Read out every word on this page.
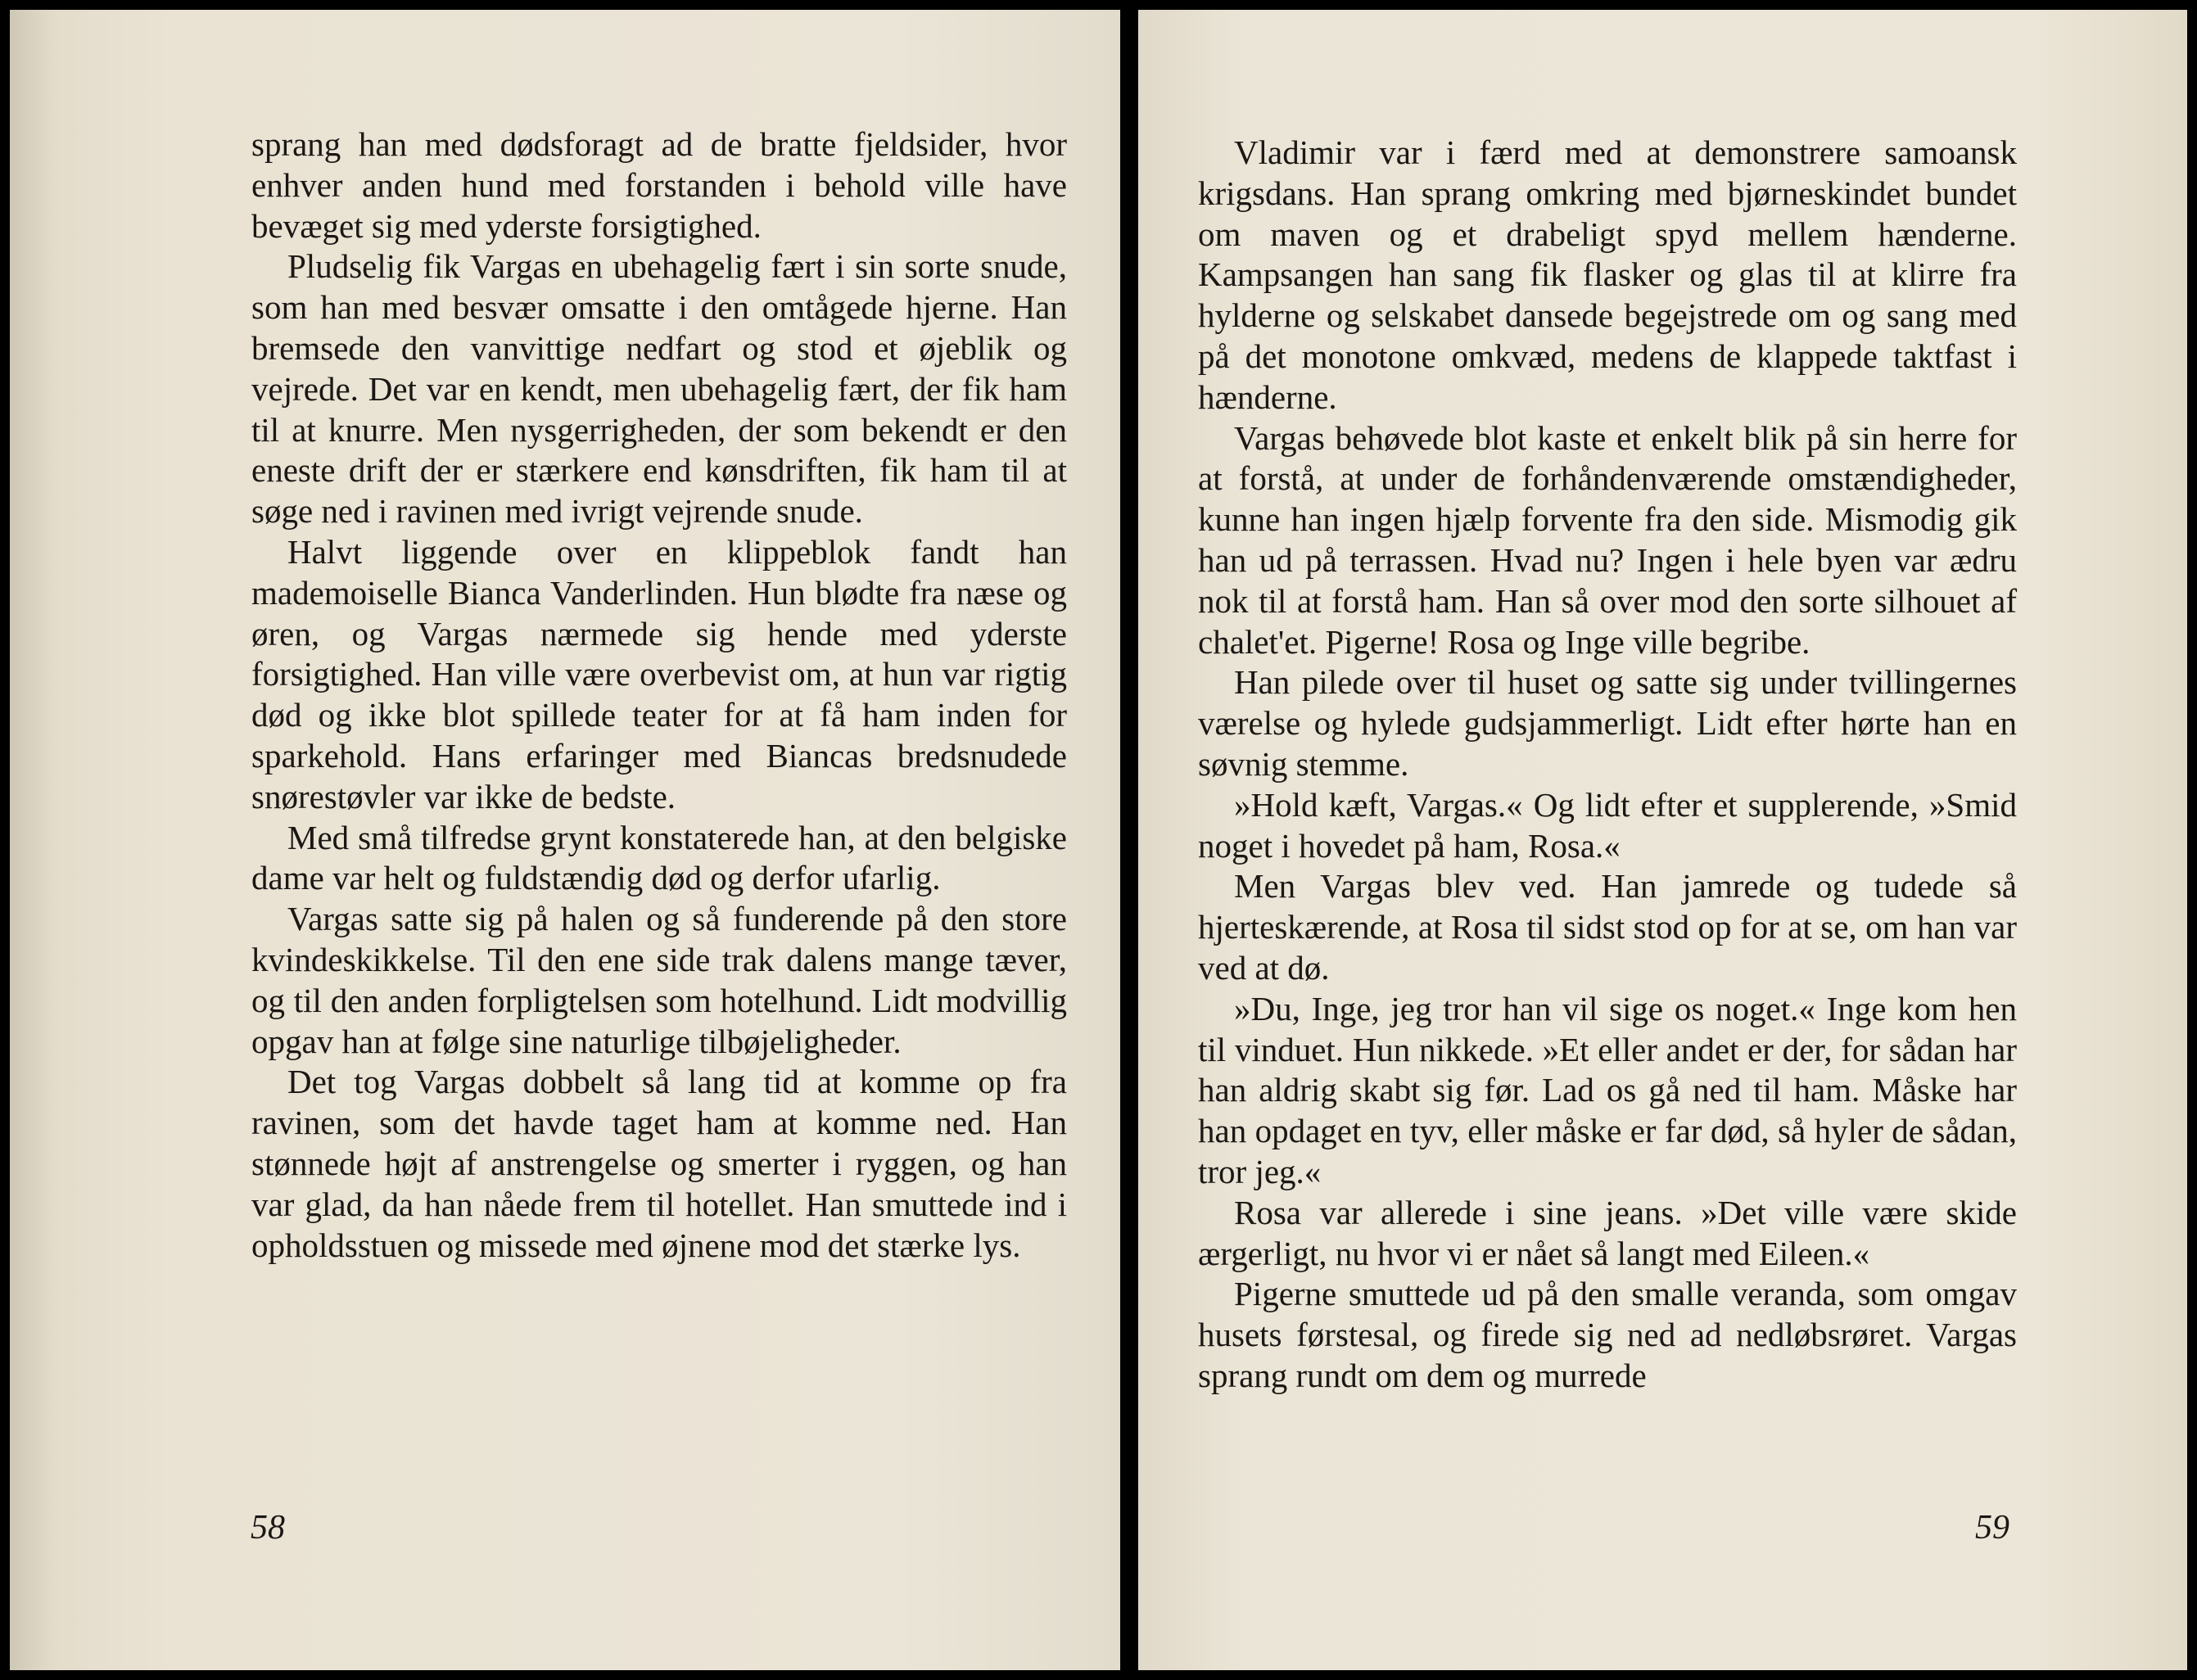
sprang han med dødsforagt ad de bratte fjeldsider, hvor enhver anden hund med forstanden i behold ville have bevæget sig med yderste forsigtighed.

Pludselig fik Vargas en ubehagelig fært i sin sorte snude, som han med besvær omsatte i den omtågede hjerne. Han bremsede den vanvittige nedfart og stod et øjeblik og vejrede. Det var en kendt, men ubehagelig fært, der fik ham til at knurre. Men nysgerrigheden, der som bekendt er den eneste drift der er stærkere end kønsdriften, fik ham til at søge ned i ravinen med ivrigt vejrende snude.

Halvt liggende over en klippeblok fandt han mademoiselle Bianca Vanderlinden. Hun blødte fra næse og øren, og Vargas nærmede sig hende med yderste forsigtighed. Han ville være overbevist om, at hun var rigtig død og ikke blot spillede teater for at få ham inden for sparkehold. Hans erfaringer med Biancas bredsnudede snørestøvler var ikke de bedste.

Med små tilfredse grynt konstaterede han, at den belgiske dame var helt og fuldstændig død og derfor ufarlig.

Vargas satte sig på halen og så funderende på den store kvindeskikkelse. Til den ene side trak dalens mange tæver, og til den anden forpligtelsen som hotelhund. Lidt modvillig opgav han at følge sine naturlige tilbøjeligheder.

Det tog Vargas dobbelt så lang tid at komme op fra ravinen, som det havde taget ham at komme ned. Han stønnede højt af anstrengelse og smerter i ryggen, og han var glad, da han nåede frem til hotellet. Han smuttede ind i opholdsstuen og missede med øjnene mod det stærke lys.

58

Vladimir var i færd med at demonstrere samoansk krigsdans. Han sprang omkring med bjørneskindet bundet om maven og et drabeligt spyd mellem hænderne. Kampsangen han sang fik flasker og glas til at klirre fra hylderne og selskabet dansede begejstrede om og sang med på det monotone omkvæd, medens de klappede taktfast i hænderne.

Vargas behøvede blot kaste et enkelt blik på sin herre for at forstå, at under de forhåndenværende omstændigheder, kunne han ingen hjælp forvente fra den side. Mismodig gik han ud på terrassen. Hvad nu? Ingen i hele byen var ædru nok til at forstå ham. Han så over mod den sorte silhouet af chalet'et. Pigerne! Rosa og Inge ville begribe.

Han pilede over til huset og satte sig under tvillingernes værelse og hylede gudsjammerligt. Lidt efter hørte han en søvnig stemme.

»Hold kæft, Vargas.« Og lidt efter et supplerende, »Smid noget i hovedet på ham, Rosa.«

Men Vargas blev ved. Han jamrede og tudede så hjerteskærende, at Rosa til sidst stod op for at se, om han var ved at dø.

»Du, Inge, jeg tror han vil sige os noget.« Inge kom hen til vinduet. Hun nikkede. »Et eller andet er der, for sådan har han aldrig skabt sig før. Lad os gå ned til ham. Måske har han opdaget en tyv, eller måske er far død, så hyler de sådan, tror jeg.«

Rosa var allerede i sine jeans. »Det ville være skide ærgerligt, nu hvor vi er nået så langt med Eileen.«

Pigerne smuttede ud på den smalle veranda, som omgav husets førstesal, og firede sig ned ad nedløbsrøret. Vargas sprang rundt om dem og murrede

59
